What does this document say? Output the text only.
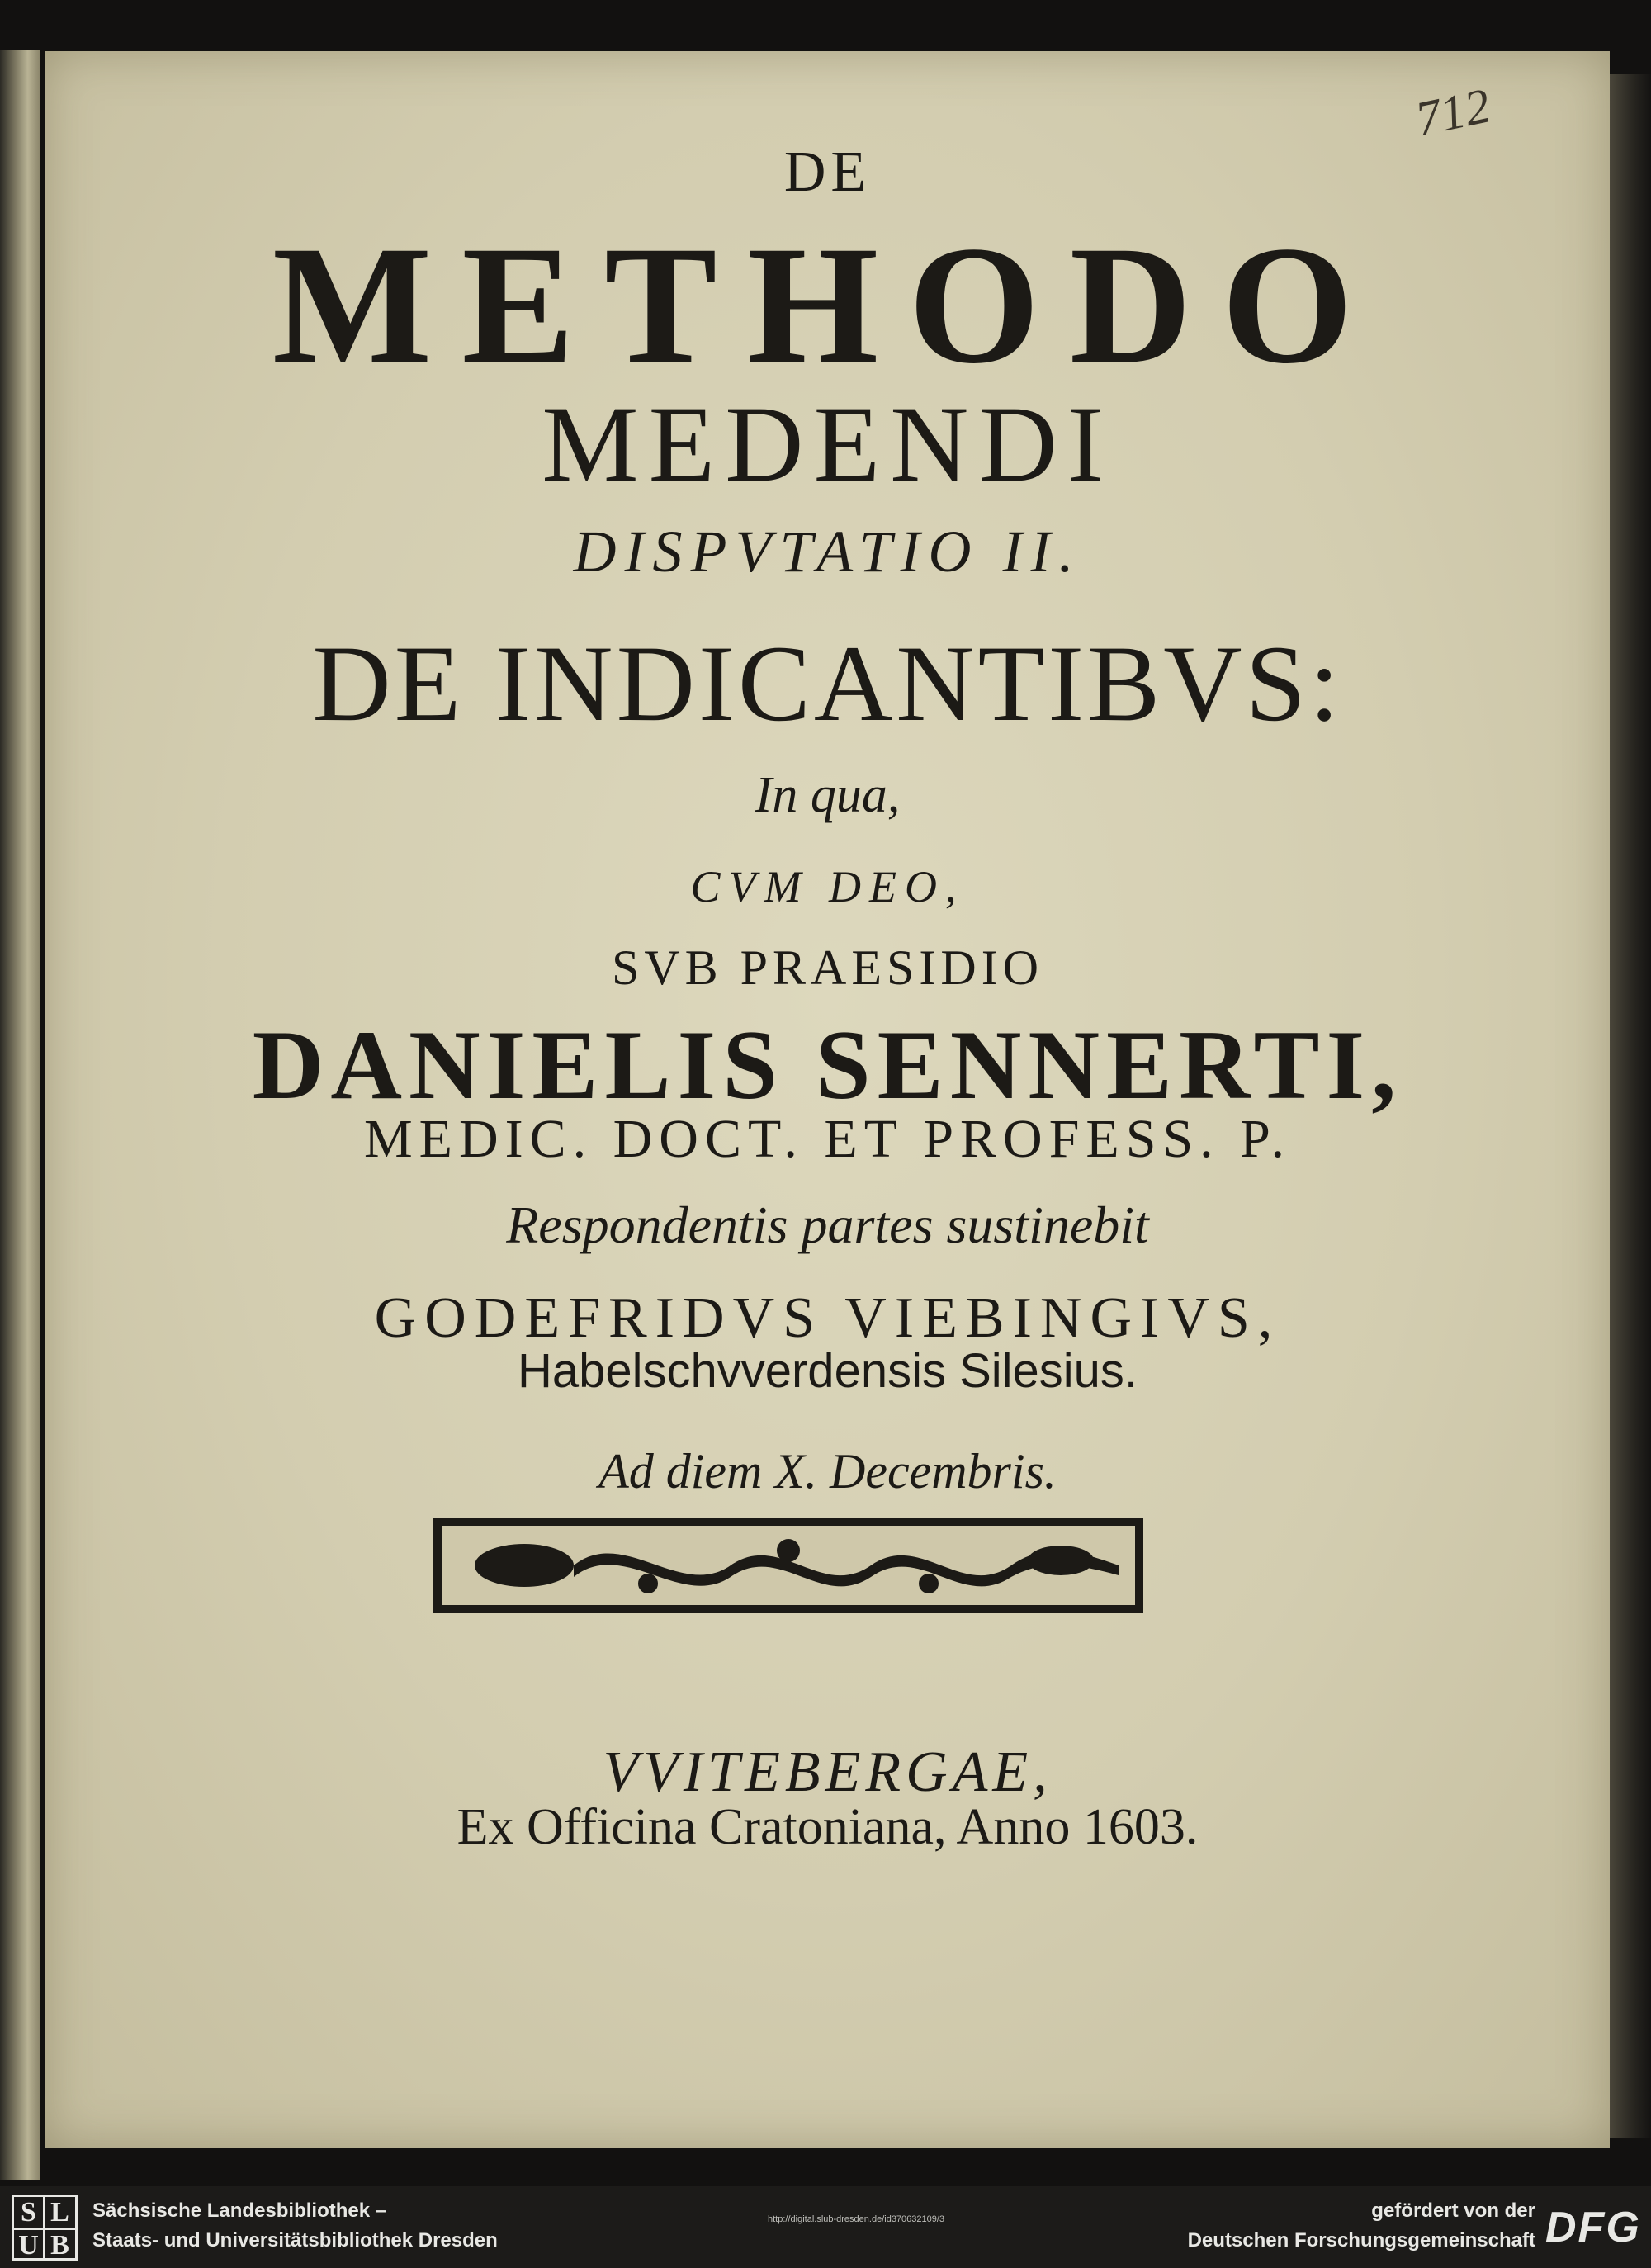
712
DE
METHODO
MEDENDI
DISPVTATIO II.
DE INDICANTIBVS:
In qua,
CVM DEO,
SVB PRAESIDIO
DANIELIS SENNERTI,
MEDIC. DOCT. ET PROFESS. P.
Respondentis partes sustinebit
GODEFRIDVS VIEBINGIVS,
Habelschvverdensis Silesius.
Ad diem X. Decembris.
VVITEBERGAE,
Ex Officina Cratoniana, Anno 1603.
S L
U B
Sächsische Landesbibliothek –
Staats- und Universitätsbibliothek Dresden
http://digital.slub-dresden.de/id370632109/3	gefördert von der
Deutschen Forschungsgemeinschaft DFG
